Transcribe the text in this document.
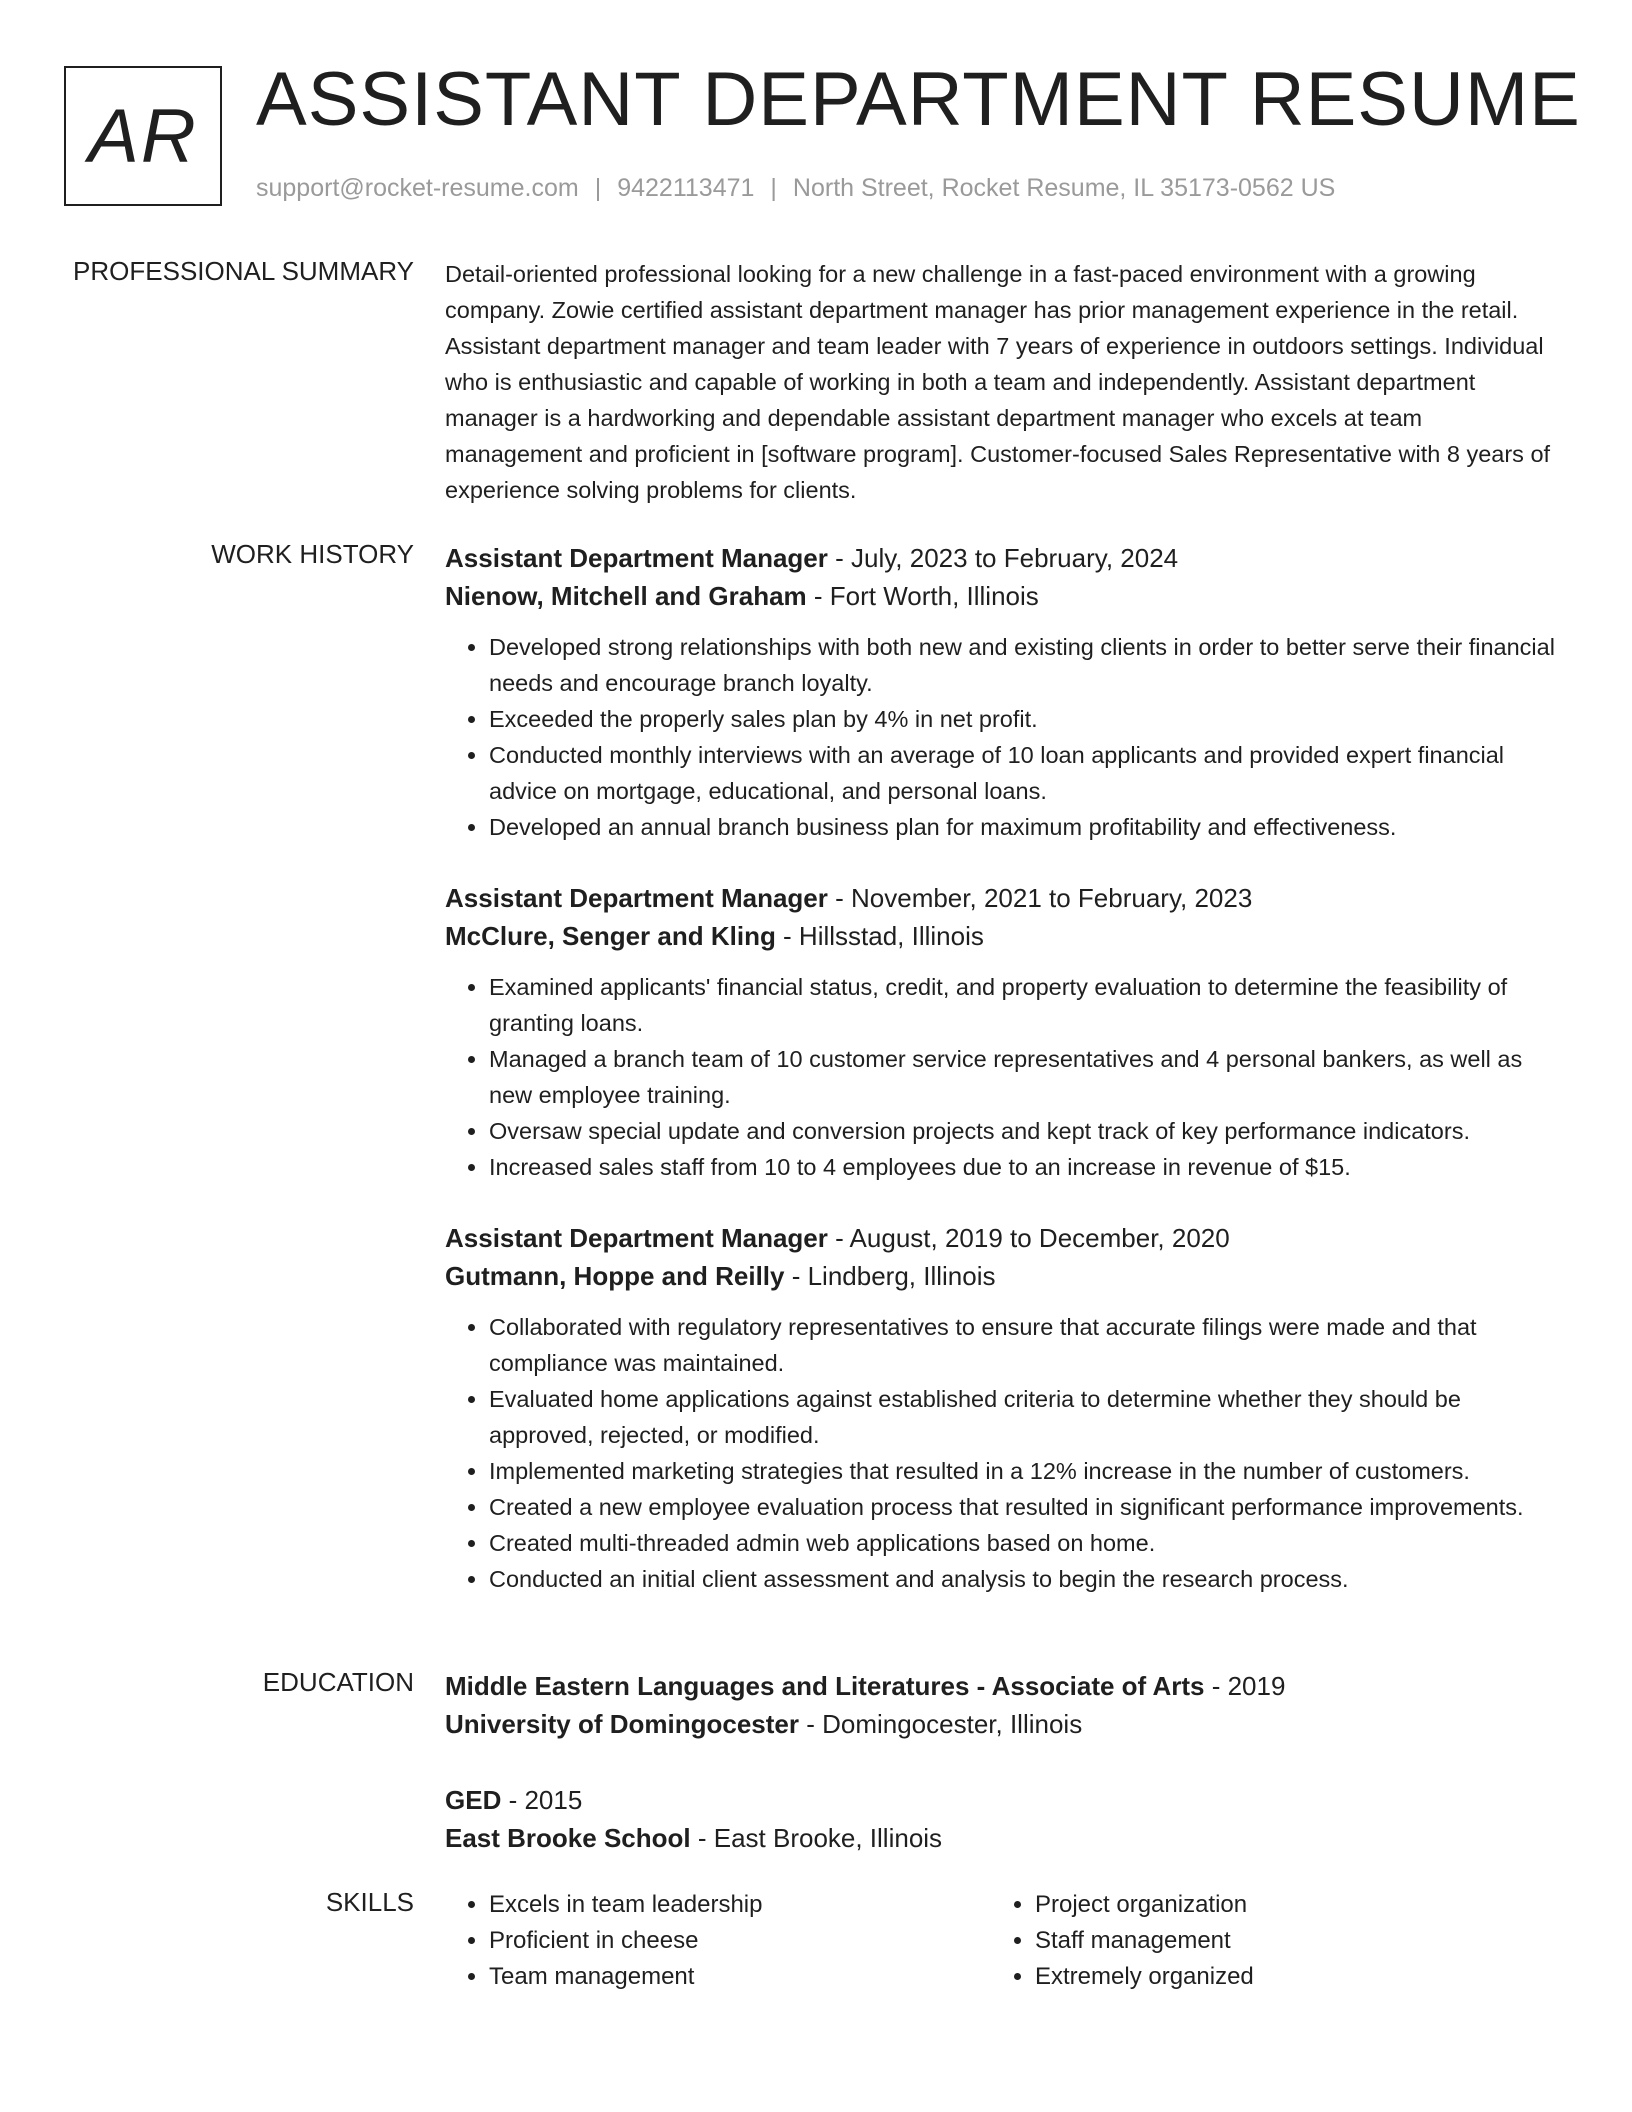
AR ASSISTANT DEPARTMENT RESUME
support@rocket-resume.com | 9422113471 | North Street, Rocket Resume, IL 35173-0562 US
PROFESSIONAL SUMMARY Detail-oriented professional looking for a new challenge in a fast-paced environment with a growing company. Zowie certified assistant department manager has prior management experience in the retail. Assistant department manager and team leader with 7 years of experience in outdoors settings. Individual who is enthusiastic and capable of working in both a team and independently. Assistant department manager is a hardworking and dependable assistant department manager who excels at team management and proficient in [software program]. Customer-focused Sales Representative with 8 years of experience solving problems for clients.

WORK HISTORY Assistant Department Manager - July, 2023 to February, 2024

Nienow, Mitchell and Graham - Fort Worth, Illinois

• Developed strong relationships with both new and existing clients in order to better serve their financial needs and encourage branch loyalty.
• Exceeded the properly sales plan by 4% in net profit.
• Conducted monthly interviews with an average of 10 loan applicants and provided expert financial advice on mortgage, educational, and personal loans.
• Developed an annual branch business plan for maximum profitability and effectiveness.

Assistant Department Manager - November, 2021 to February, 2023

McClure, Senger and Kling - Hillsstad, Illinois

• Examined applicants' financial status, credit, and property evaluation to determine the feasibility of granting loans.
• Managed a branch team of 10 customer service representatives and 4 personal bankers, as well as new employee training.
• Oversaw special update and conversion projects and kept track of key performance indicators.
• Increased sales staff from 10 to 4 employees due to an increase in revenue of $15.

Assistant Department Manager - August, 2019 to December, 2020

Gutmann, Hoppe and Reilly - Lindberg, Illinois

• Collaborated with regulatory representatives to ensure that accurate filings were made and that compliance was maintained.
• Evaluated home applications against established criteria to determine whether they should be approved, rejected, or modified.
• Implemented marketing strategies that resulted in a 12% increase in the number of customers.
• Created a new employee evaluation process that resulted in significant performance improvements.
• Created multi-threaded admin web applications based on home.
• Conducted an initial client assessment and analysis to begin the research process.
EDUCATION Middle Eastern Languages and Literatures - Associate of Arts - 2019

University of Domingocester - Domingocester, Illinois

GED - 2015

East Brooke School - East Brooke, Illinois

SKILLS
•	Excels in team leadership
• Proficient in cheese
• Team management
• Project organization
• Staff management
• Extremely organized
